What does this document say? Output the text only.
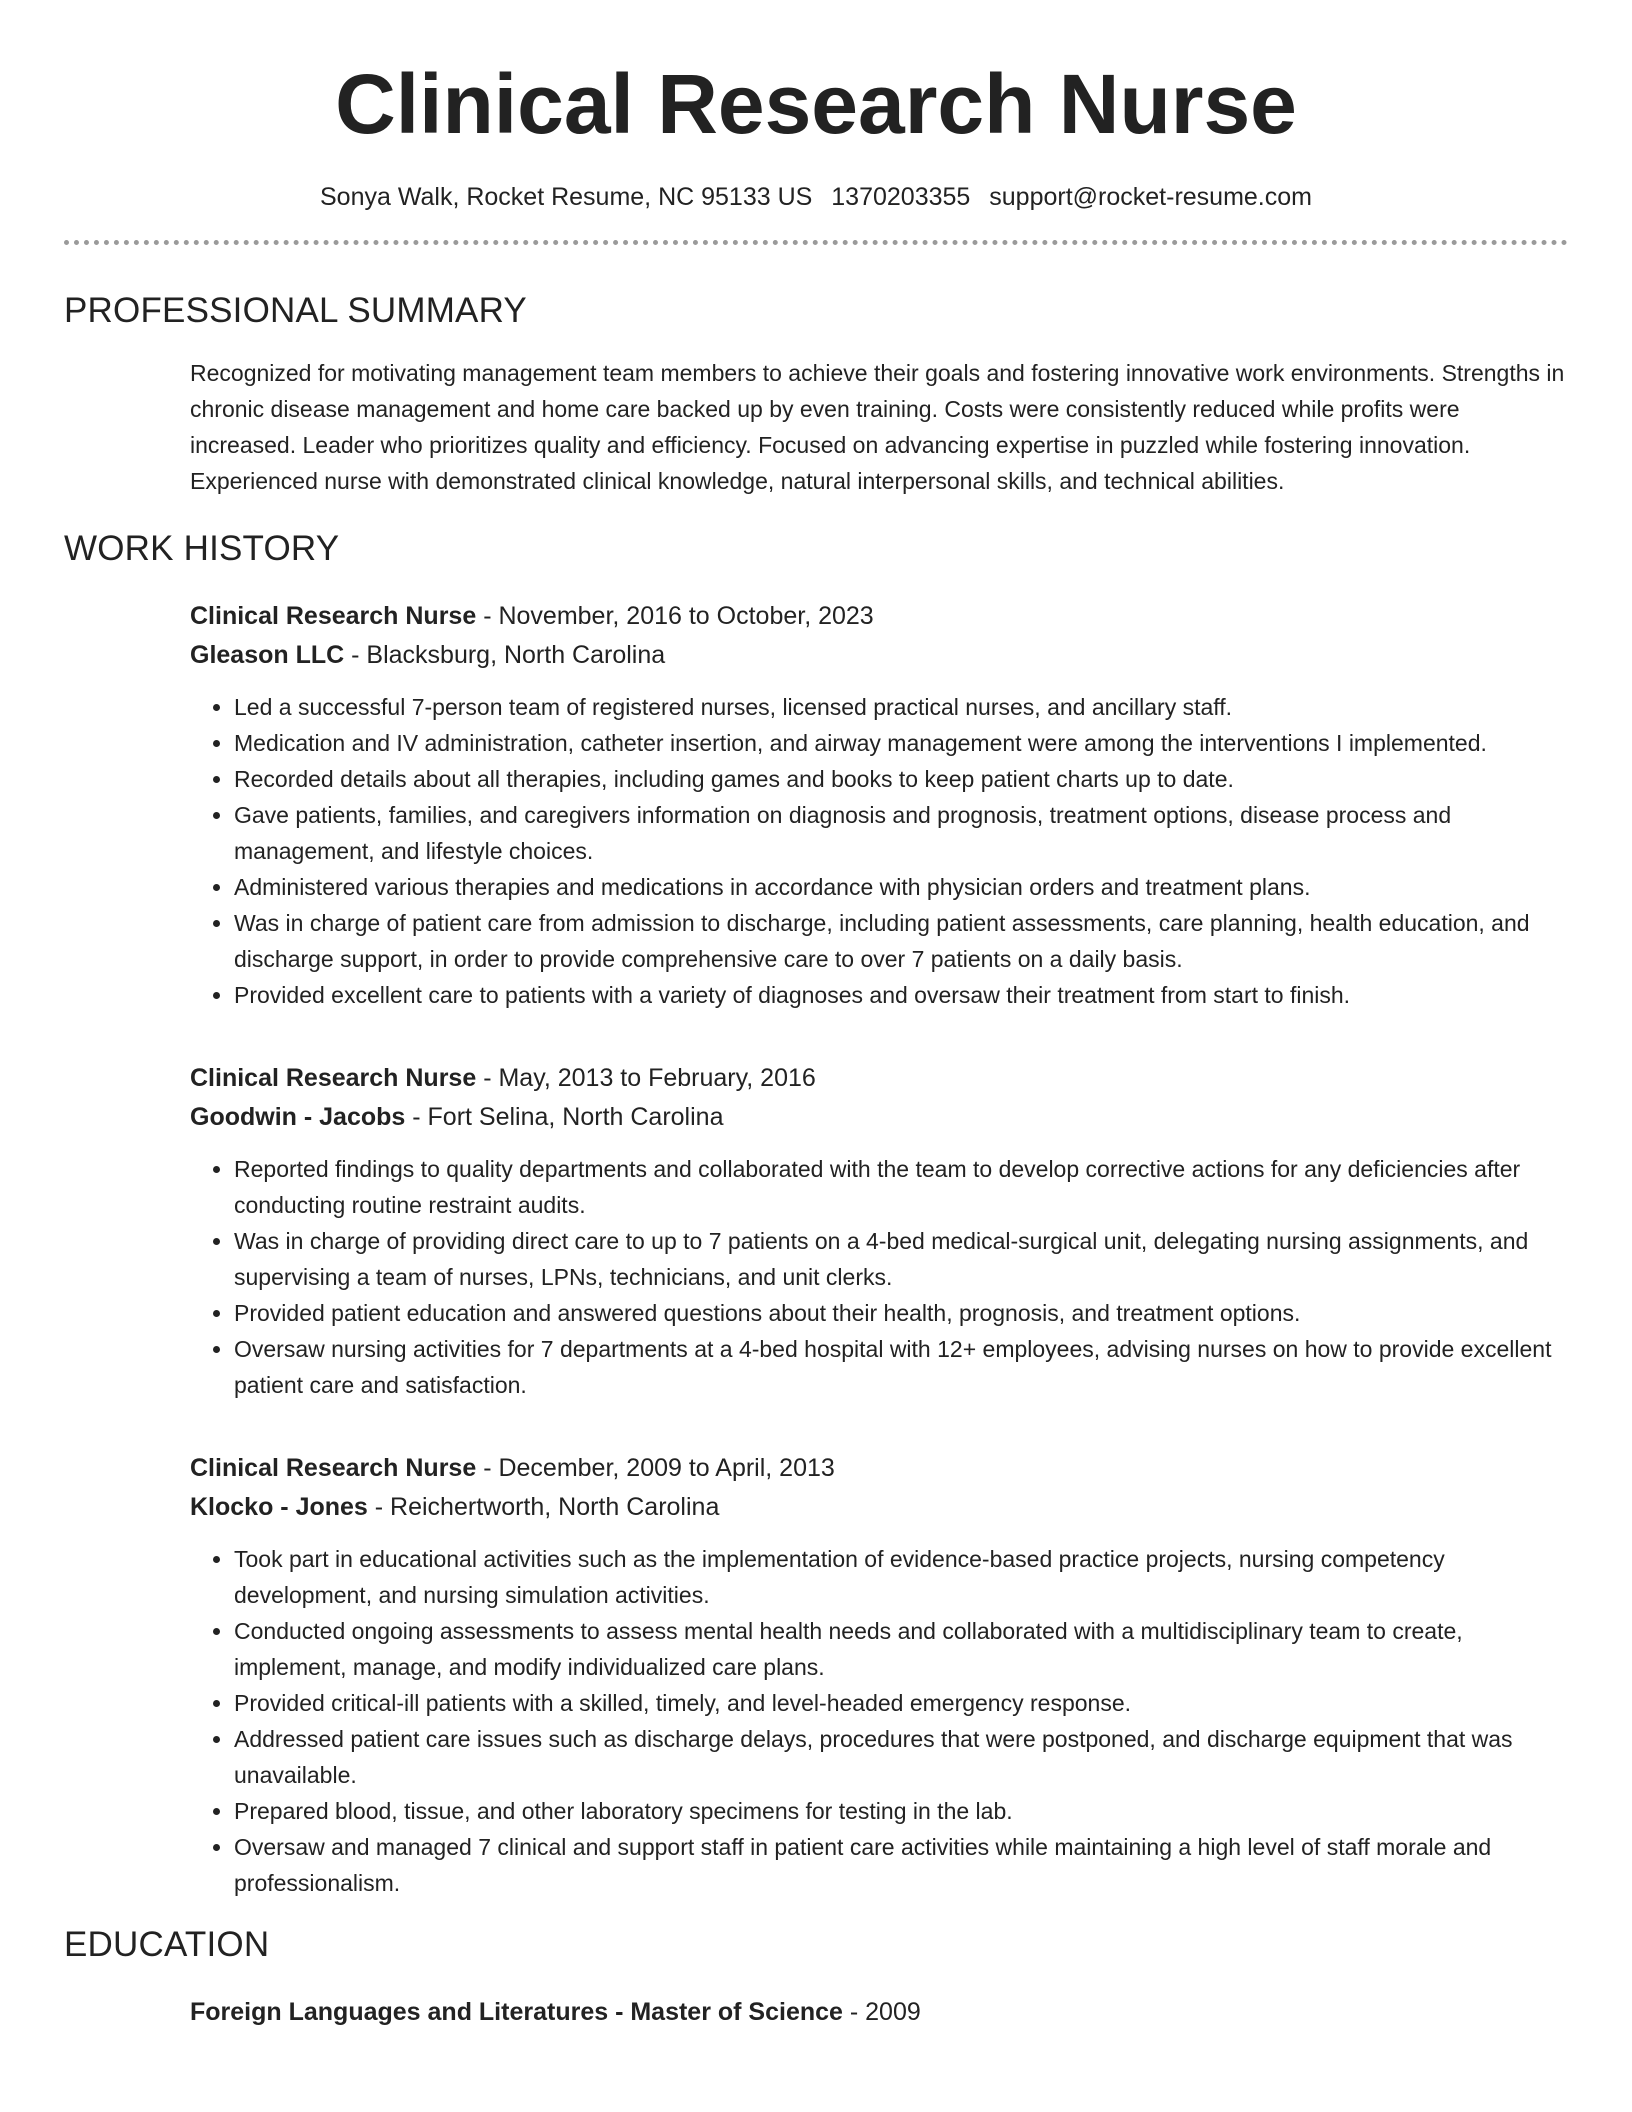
Clinical Research Nurse
Sonya Walk, Rocket Resume, NC 95133 US 1370203355 support@rocket-resume.com
PROFESSIONAL SUMMARY

Recognized for motivating management team members to achieve their goals and fostering innovative work environments. Strengths in chronic disease management and home care backed up by even training. Costs were consistently reduced while profits were increased. Leader who prioritizes quality and efficiency. Focused on advancing expertise in puzzled while fostering innovation. Experienced nurse with demonstrated clinical knowledge, natural interpersonal skills, and technical abilities.

WORK HISTORY
Clinical Research Nurse - November, 2016 to October, 2023
Gleason LLC - Blacksburg, North Carolina
• Led a successful 7-person team of registered nurses, licensed practical nurses, and ancillary staff.
• Medication and IV administration, catheter insertion, and airway management were among the interventions I implemented.
• Recorded details about all therapies, including games and books to keep patient charts up to date.
• Gave patients, families, and caregivers information on diagnosis and prognosis, treatment options, disease process and management, and lifestyle choices.
• Administered various therapies and medications in accordance with physician orders and treatment plans.
• Was in charge of patient care from admission to discharge, including patient assessments, care planning, health education, and discharge support, in order to provide comprehensive care to over 7 patients on a daily basis.
• Provided excellent care to patients with a variety of diagnoses and oversaw their treatment from start to finish.
Clinical Research Nurse - May, 2013 to February, 2016
Goodwin - Jacobs - Fort Selina, North Carolina
• Reported findings to quality departments and collaborated with the team to develop corrective actions for any deficiencies after conducting routine restraint audits.
• Was in charge of providing direct care to up to 7 patients on a 4-bed medical-surgical unit, delegating nursing assignments, and supervising a team of nurses, LPNs, technicians, and unit clerks.
• Provided patient education and answered questions about their health, prognosis, and treatment options.
• Oversaw nursing activities for 7 departments at a 4-bed hospital with 12+ employees, advising nurses on how to provide excellent patient care and satisfaction.
Clinical Research Nurse - December, 2009 to April, 2013
Klocko - Jones - Reichertworth, North Carolina
• Took part in educational activities such as the implementation of evidence-based practice projects, nursing competency development, and nursing simulation activities.
• Conducted ongoing assessments to assess mental health needs and collaborated with a multidisciplinary team to create, implement, manage, and modify individualized care plans.
• Provided critical-ill patients with a skilled, timely, and level-headed emergency response.
• Addressed patient care issues such as discharge delays, procedures that were postponed, and discharge equipment that was unavailable.
• Prepared blood, tissue, and other laboratory specimens for testing in the lab.
• Oversaw and managed 7 clinical and support staff in patient care activities while maintaining a high level of staff morale and professionalism.
EDUCATION
Foreign Languages and Literatures - Master of Science - 2009
